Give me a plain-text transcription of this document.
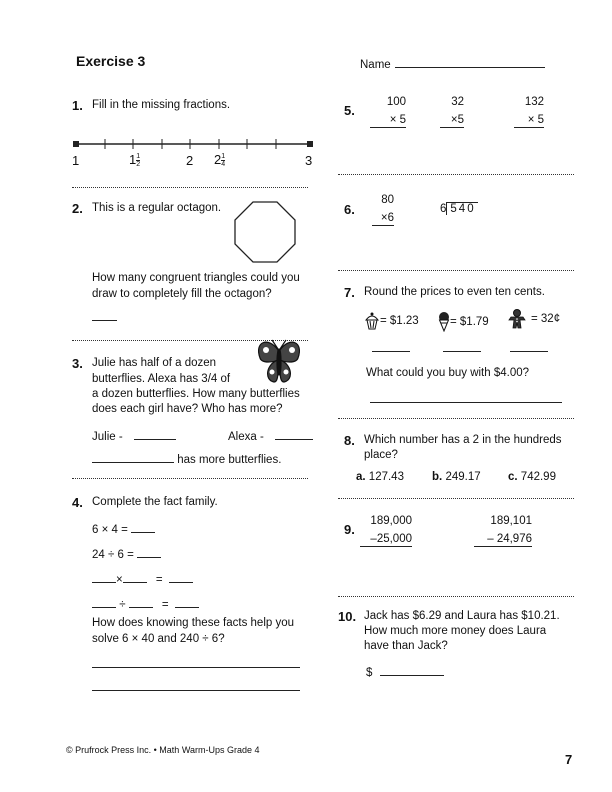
Exercise 3	Name
1. Fill in the missing fractions.
1	$1 \frac{1}{2}$	2 $2 \frac{1}{4}$	3
2. This is a regular octagon.
How many congruent triangles could you
draw to completely fill the octagon?
3. Julie has half of a dozen
butterflies. Alexa has 3/4 of
a dozen butterflies. How many butterflies
does each girl have? Who has more?
Julie -	Alexa -
has more butterflies.
4. Complete the fact family.
6 × 4 =
24 ÷ 6 =
×	=
÷	=
How does knowing these facts help you
solve 6 × 40 and 240 ÷ 6?
5.
100
× 5
32
×5
132
× 5
6.
80
×6
6 540
7. Round the prices to even ten cents.
= $1.23	= $1.79	= 32¢
What could you buy with $4.00?
8. Which number has a 2 in the hundreds
place?
a. 127.43 b. 249.17 c. 742.99
9.
189,000
–25,000
189,101
– 24,976
10. Jack has $6.29 and Laura has $10.21.
How much more money does Laura
have than Jack?
$
© Prufrock Press Inc. • Math Warm-Ups Grade 4
7
